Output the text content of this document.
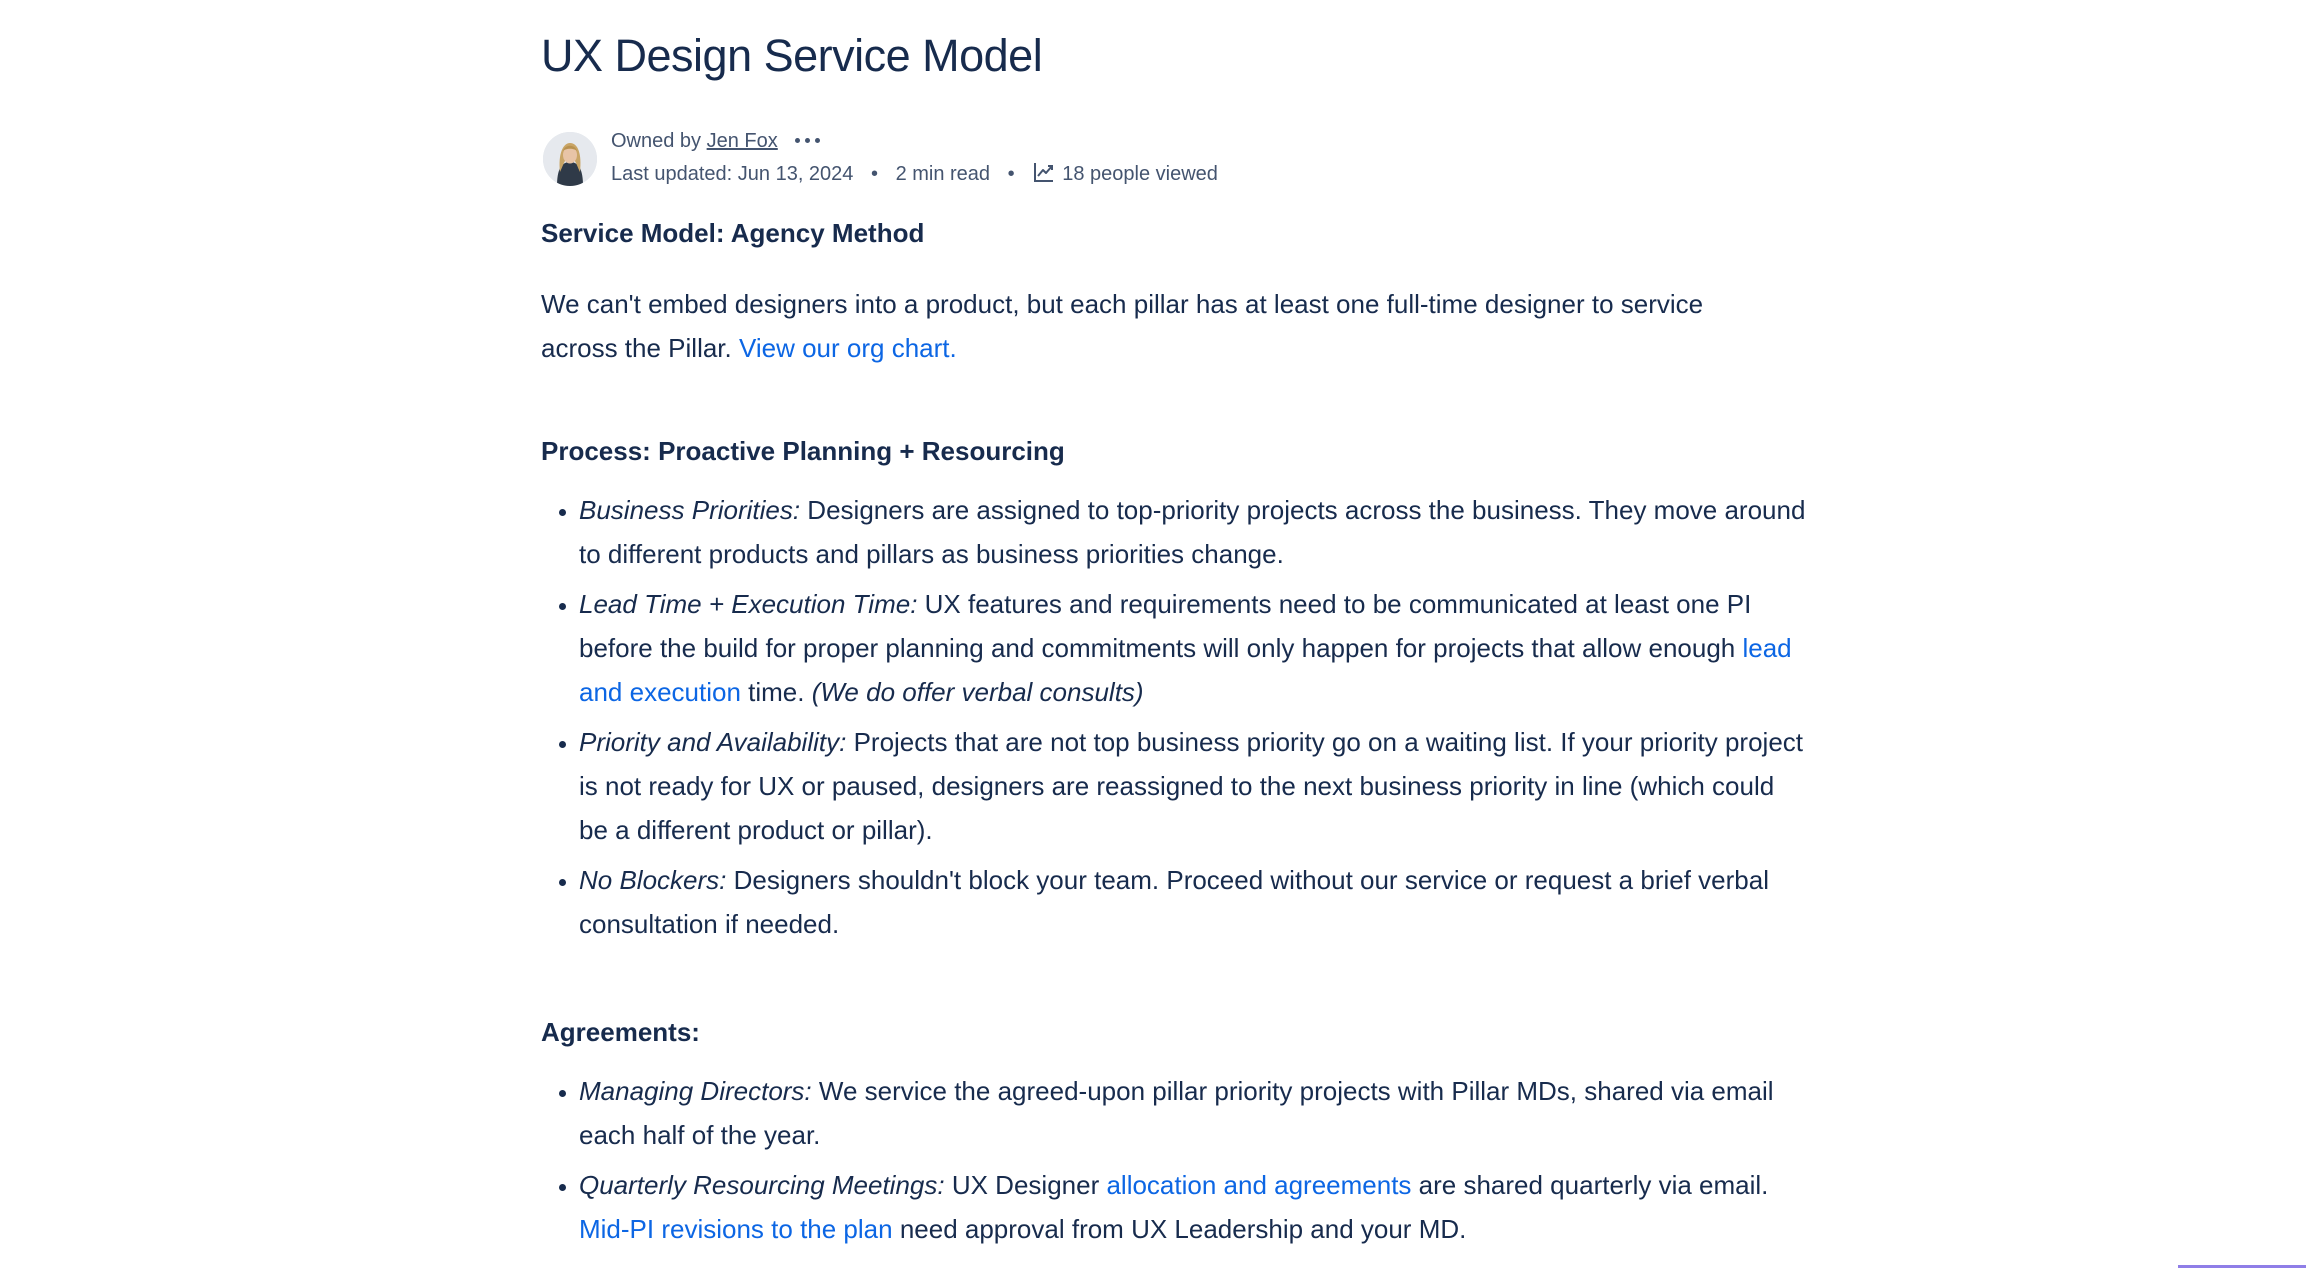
UX Design Service Model
Owned by Jen Fox
Last updated: Jun 13, 2024 • 2 min read • 18 people viewed
Service Model: Agency Method

We can't embed designers into a product, but each pillar has at least one full-time designer to service across the Pillar. View our org chart.

Process: Proactive Planning + Resourcing
• Business Priorities: Designers are assigned to top-priority projects across the business. They move around to different products and pillars as business priorities change.
• Lead Time + Execution Time: UX features and requirements need to be communicated at least one PI before the build for proper planning and commitments will only happen for projects that allow enough lead and execution time. (We do offer verbal consults)
• Priority and Availability: Projects that are not top business priority go on a waiting list. If your priority project is not ready for UX or paused, designers are reassigned to the next business priority in line (which could be a different product or pillar).
• No Blockers: Designers shouldn't block your team. Proceed without our service or request a brief verbal consultation if needed.
Agreements:
• Managing Directors: We service the agreed-upon pillar priority projects with Pillar MDs, shared via email each half of the year.
• Quarterly Resourcing Meetings: UX Designer allocation and agreements are shared quarterly via email. Mid-PI revisions to the plan need approval from UX Leadership and your MD.
